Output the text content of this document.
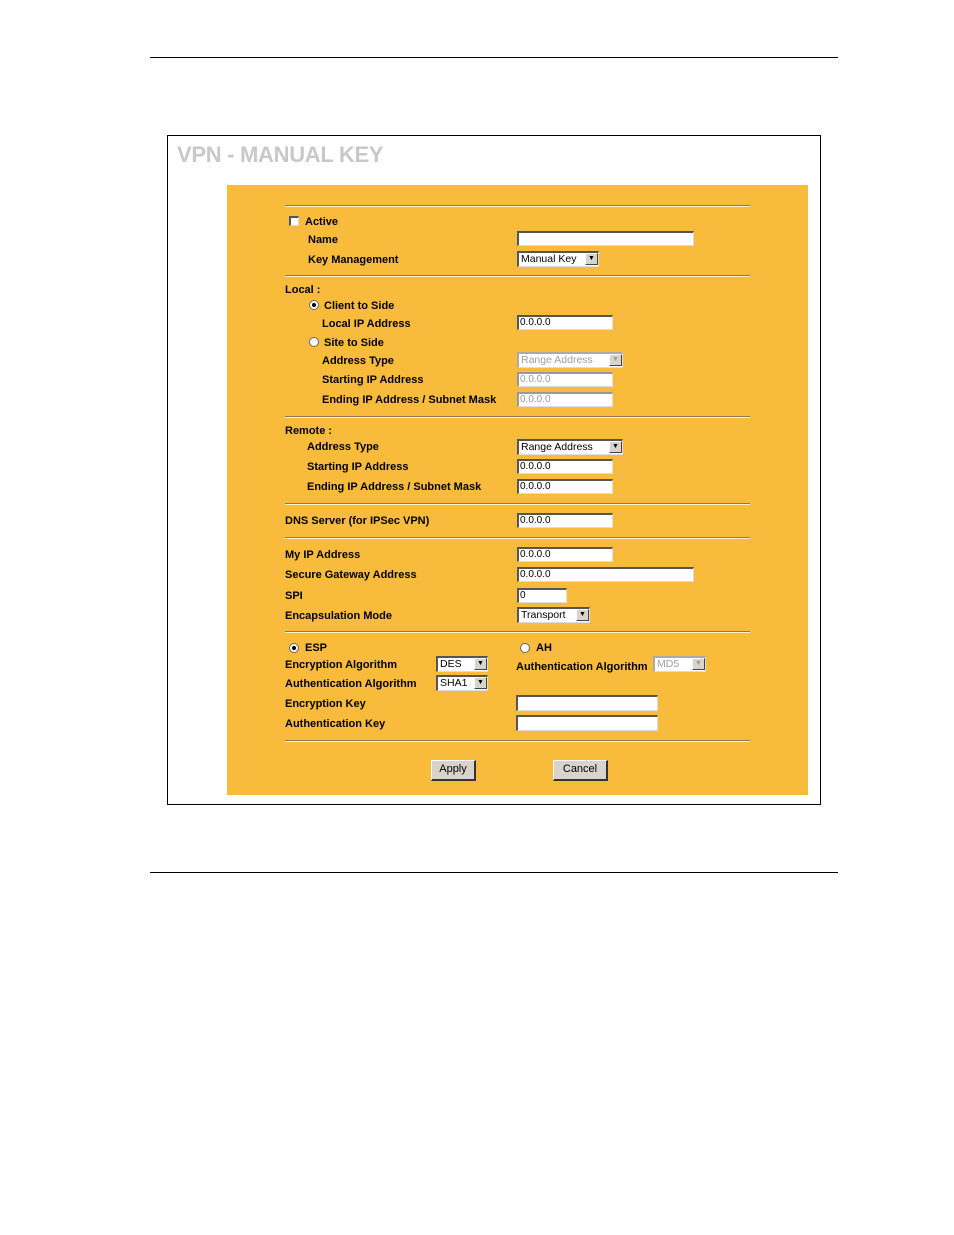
VPN - MANUAL KEY
Active
Name
Key Management	Manual Key	▼
Local :
Client to Side
Local IP Address	0.0.0.0
Site to Side
Address Type	Range Address	▼
Starting IP Address	0.0.0.0
Ending IP Address / Subnet Mask	0.0.0.0
Remote :
Address Type	Range Address	▼
Starting IP Address	0.0.0.0
Ending IP Address / Subnet Mask	0.0.0.0
DNS Server (for IPSec VPN)	0.0.0.0
My IP Address	0.0.0.0
Secure Gateway Address	0.0.0.0
SPI	0
Encapsulation Mode	Transport	▼
ESP	AH
Encryption Algorithm	DES	▼	Authentication Algorithm MD5	▼
Authentication Algorithm	SHA1	▼
Encryption Key
Authentication Key
Apply	Cancel
